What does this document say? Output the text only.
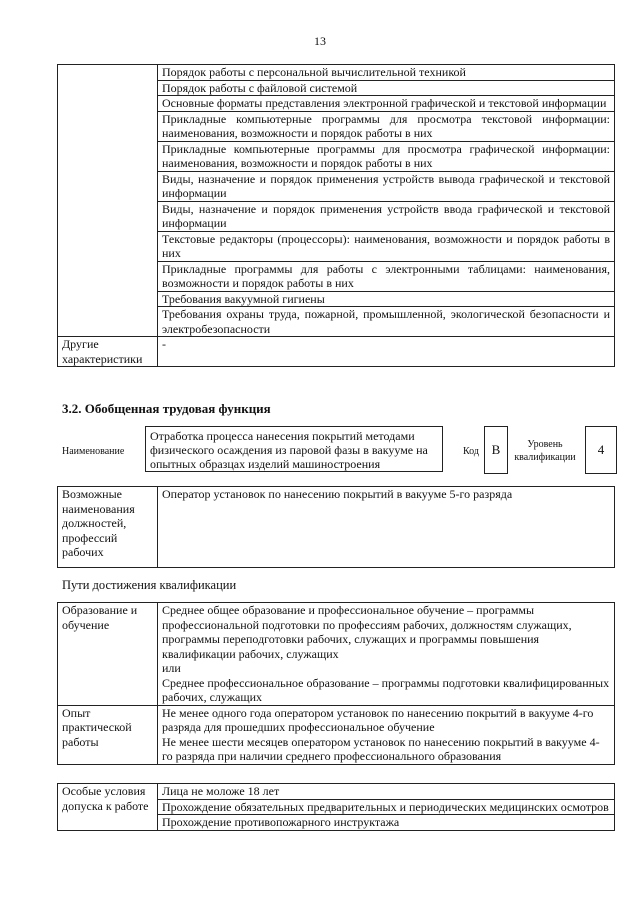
13
	Порядок работы с персональной вычислительной техникой
	Порядок работы с файловой системой
	Основные форматы представления электронной графической и текстовой информации
	Прикладные компьютерные программы для просмотра текстовой информации: наименования, возможности и порядок работы в них
	Прикладные компьютерные программы для просмотра графической информации: наименования, возможности и порядок работы в них
	Виды, назначение и порядок применения устройств вывода графической и текстовой информации
	Виды, назначение и порядок применения устройств ввода графической и текстовой информации
	Текстовые редакторы (процессоры): наименования, возможности и порядок работы в них
	Прикладные программы для работы с электронными таблицами: наименования, возможности и порядок работы в них
	Требования вакуумной гигиены
	Требования охраны труда, пожарной, промышленной, экологической безопасности и электробезопасности
Другие характеристики	-
3.2. Обобщенная трудовая функция
Наименование
Отработка процесса нанесения покрытий методами физического осаждения из паровой фазы в вакууме на опытных образцах изделий машиностроения
Код В	Уровень квалификации
4
Возможные наименования должностей, профессий рабочих	Оператор установок по нанесению покрытий в вакууме 5-го разряда
Пути достижения квалификации
Образование и обучение	Среднее общее образование и профессиональное обучение – программы профессиональной подготовки по профессиям рабочих, должностям служащих, программы переподготовки рабочих, служащих и программы повышения квалификации рабочих, служащих
или
Среднее профессиональное образование – программы подготовки квалифицированных рабочих, служащих

Опыт практической работы	Не менее одного года оператором установок по нанесению покрытий в вакууме 4-го разряда для прошедших профессиональное обучение
Не менее шести месяцев оператором установок по нанесению покрытий в вакууме 4-го разряда при наличии среднего профессионального образования
Особые условия допуска к работе	Лица не моложе 18 лет
Прохождение обязательных предварительных и периодических медицинских осмотров
Прохождение противопожарного инструктажа
